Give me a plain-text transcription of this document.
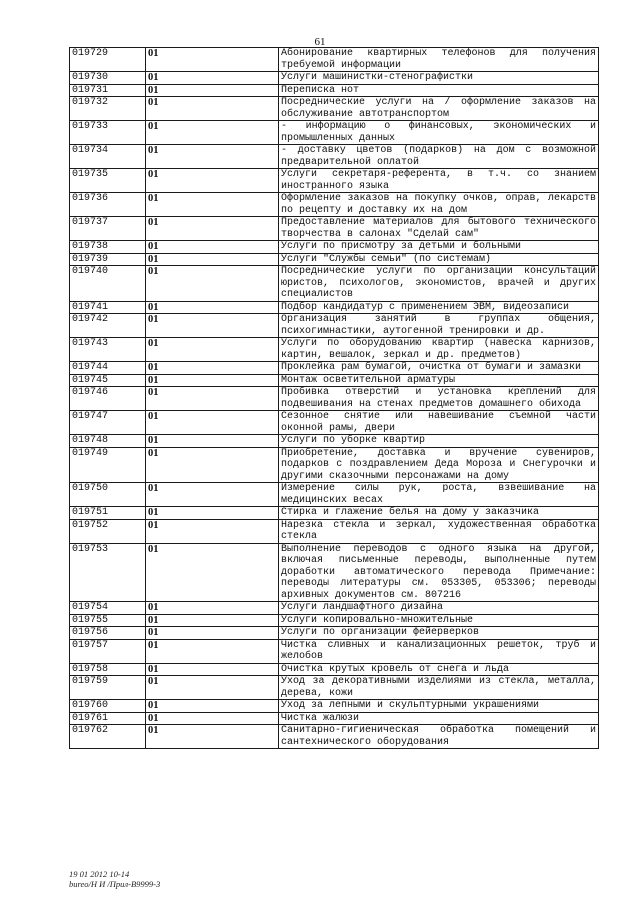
61
019729	01	Абонирование квартирных телефонов для получения требуемой информации
019730	01	Услуги машинистки-стенографистки
019731	01	Переписка нот
019732	01	Посреднические услуги на / оформление заказов на обслуживание автотранспортом
019733	01	- информацию о финансовых, экономических и промышленных данных
019734	01	- доставку цветов (подарков) на дом с возможной предварительной оплатой
019735	01	Услуги секретаря-референта, в т.ч. со знанием иностранного языка
019736	01	Оформление заказов на покупку очков, оправ, лекарств по рецепту и доставку их на дом
019737	01	Предоставление материалов для бытового технического творчества в салонах "Сделай сам"
019738	01	Услуги по присмотру за детьми и больными
019739	01	Услуги "Службы семьи" (по системам)
019740	01	Посреднические услуги по организации консультаций юристов, психологов, экономистов, врачей и других специалистов
019741	01	Подбор кандидатур с применением ЭВМ, видеозаписи
019742	01	Организация занятий в группах общения, психогимнастики, аутогенной тренировки и др.
019743	01	Услуги по оборудованию квартир (навеска карнизов, картин, вешалок, зеркал и др. предметов)
019744	01	Проклейка рам бумагой, очистка от бумаги и замазки
019745	01	Монтаж осветительной арматуры
019746	01	Пробивка отверстий и установка креплений для подвешивания на стенах предметов домашнего обихода
019747	01	Сезонное снятие или навешивание съемной части оконной рамы, двери
019748	01	Услуги по уборке квартир
019749	01	Приобретение, доставка и вручение сувениров, подарков с поздравлением Деда Мороза и Снегурочки и другими сказочными персонажами на дому
019750	01	Измерение силы рук, роста, взвешивание на медицинских весах
019751	01	Стирка и глажение белья на дому у заказчика
019752	01	Нарезка стекла и зеркал, художественная обработка стекла
019753	01	Выполнение переводов с одного языка на другой, включая письменные переводы, выполненные путем доработки автоматического перевода Примечание: переводы литературы см. 053305, 053306; переводы архивных документов см. 807216
019754	01	Услуги ландшафтного дизайна
019755	01	Услуги копировально-множительные
019756	01	Услуги по организации фейерверков
019757	01	Чистка сливных и канализационных решеток, труб и желобов
019758	01	Очистка крутых кровель от снега и льда
019759	01	Уход за декоративными изделиями из стекла, металла, дерева, кожи
019760	01	Уход за лепными и скульптурными украшениями
019761	01	Чистка жалюзи
019762	01	Санитарно-гигиеническая обработка помещений и сантехнического оборудования
19 01 2012 10-14
bureo/Н И /Прил-В9999-3
